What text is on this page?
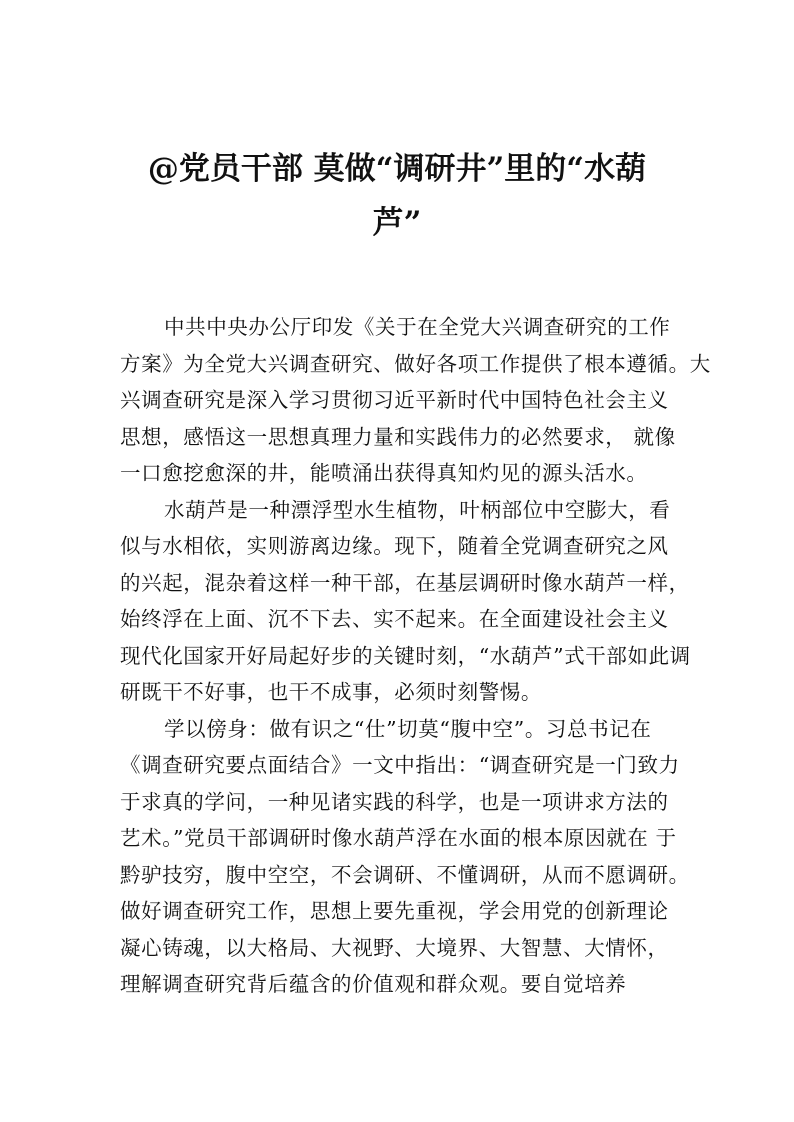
@党员干部 莫做“调研井”里的“水葫
芦”
中共中央办公厅印发《关于在全党大兴调查研究的工作
方案》为全党大兴调查研究、做好各项工作提供了根本遵循。大
兴调查研究是深入学习贯彻习近平新时代中国特色社会主义
思想，感悟这一思想真理力量和实践伟力的必然要求， 就像
一口愈挖愈深的井，能喷涌出获得真知灼见的源头活水。
水葫芦是一种漂浮型水生植物，叶柄部位中空膨大，看
似与水相依，实则游离边缘。现下，随着全党调查研究之风
的兴起，混杂着这样一种干部，在基层调研时像水葫芦一样，
始终浮在上面、沉不下去、实不起来。在全面建设社会主义
现代化国家开好局起好步的关键时刻，“水葫芦”式干部如此调
研既干不好事，也干不成事，必须时刻警惕。
学以傍身：做有识之“仕”切莫“腹中空”。习总书记在
《调查研究要点面结合》一文中指出：“调查研究是一门致力
于求真的学问，一种见诸实践的科学，也是一项讲求方法的
艺术。”党员干部调研时像水葫芦浮在水面的根本原因就在 于
黔驴技穷，腹中空空，不会调研、不懂调研，从而不愿调研。
做好调查研究工作，思想上要先重视，学会用党的创新理论
凝心铸魂，以大格局、大视野、大境界、大智慧、大情怀，
理解调查研究背后蕴含的价值观和群众观。要自觉培养
